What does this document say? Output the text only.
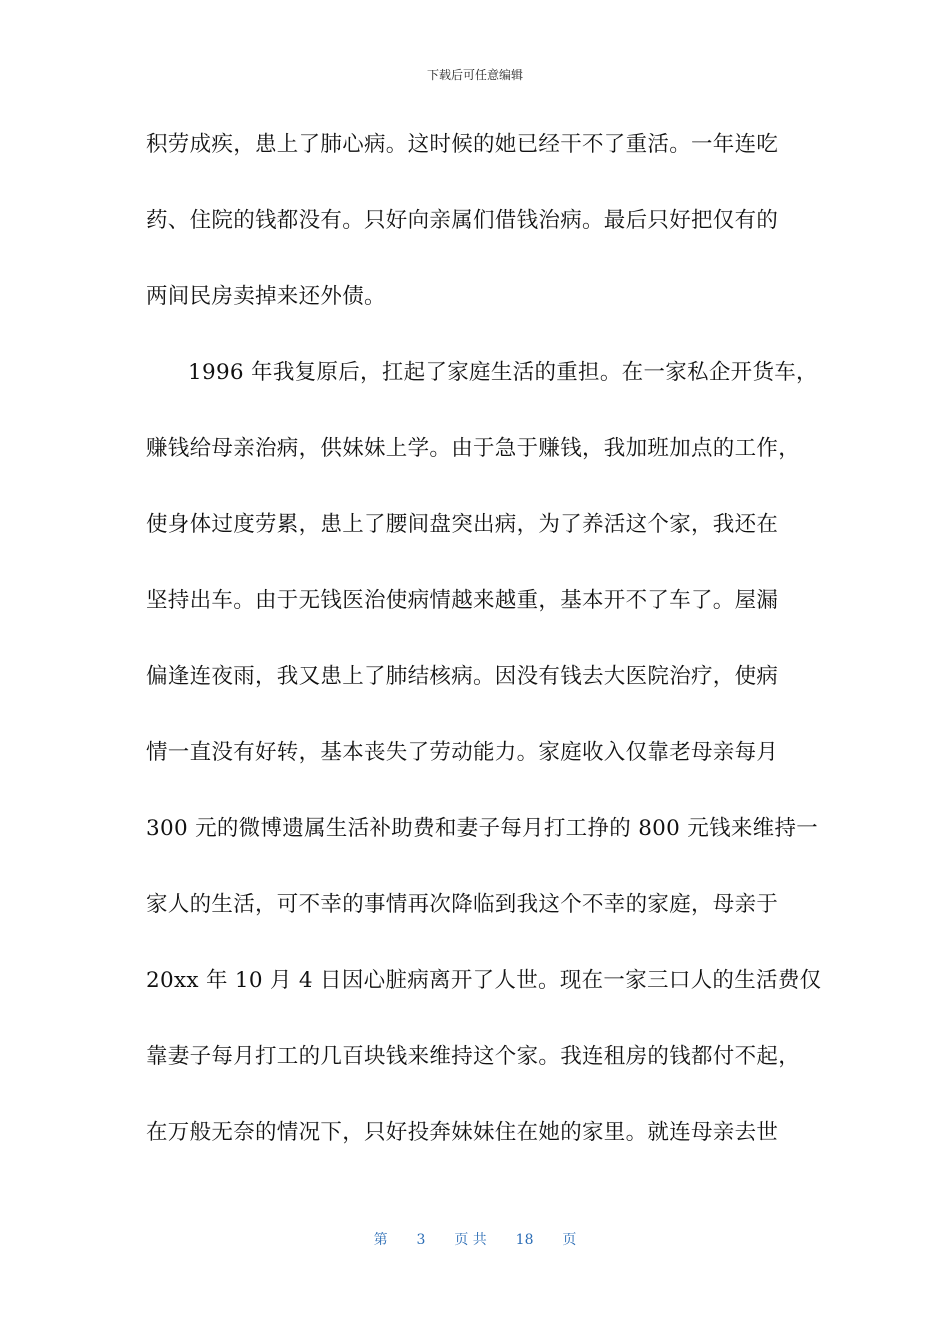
下载后可任意编辑
积劳成疾，患上了肺心病。这时候的她已经干不了重活。一年连吃
药、住院的钱都没有。只好向亲属们借钱治病。最后只好把仅有的
两间民房卖掉来还外债。
1996 年我复原后，扛起了家庭生活的重担。在一家私企开货车，
赚钱给母亲治病，供妹妹上学。由于急于赚钱，我加班加点的工作，
使身体过度劳累，患上了腰间盘突出病，为了养活这个家，我还在
坚持出车。由于无钱医治使病情越来越重，基本开不了车了。屋漏
偏逢连夜雨，我又患上了肺结核病。因没有钱去大医院治疗，使病
情一直没有好转，基本丧失了劳动能力。家庭收入仅靠老母亲每月
300 元的微博遗属生活补助费和妻子每月打工挣的 800 元钱来维持一
家人的生活，可不幸的事情再次降临到我这个不幸的家庭，母亲于
20xx 年 10 月 4 日因心脏病离开了人世。现在一家三口人的生活费仅
靠妻子每月打工的几百块钱来维持这个家。我连租房的钱都付不起，
在万般无奈的情况下，只好投奔妹妹住在她的家里。就连母亲去世
第 3 页 共 18 页
